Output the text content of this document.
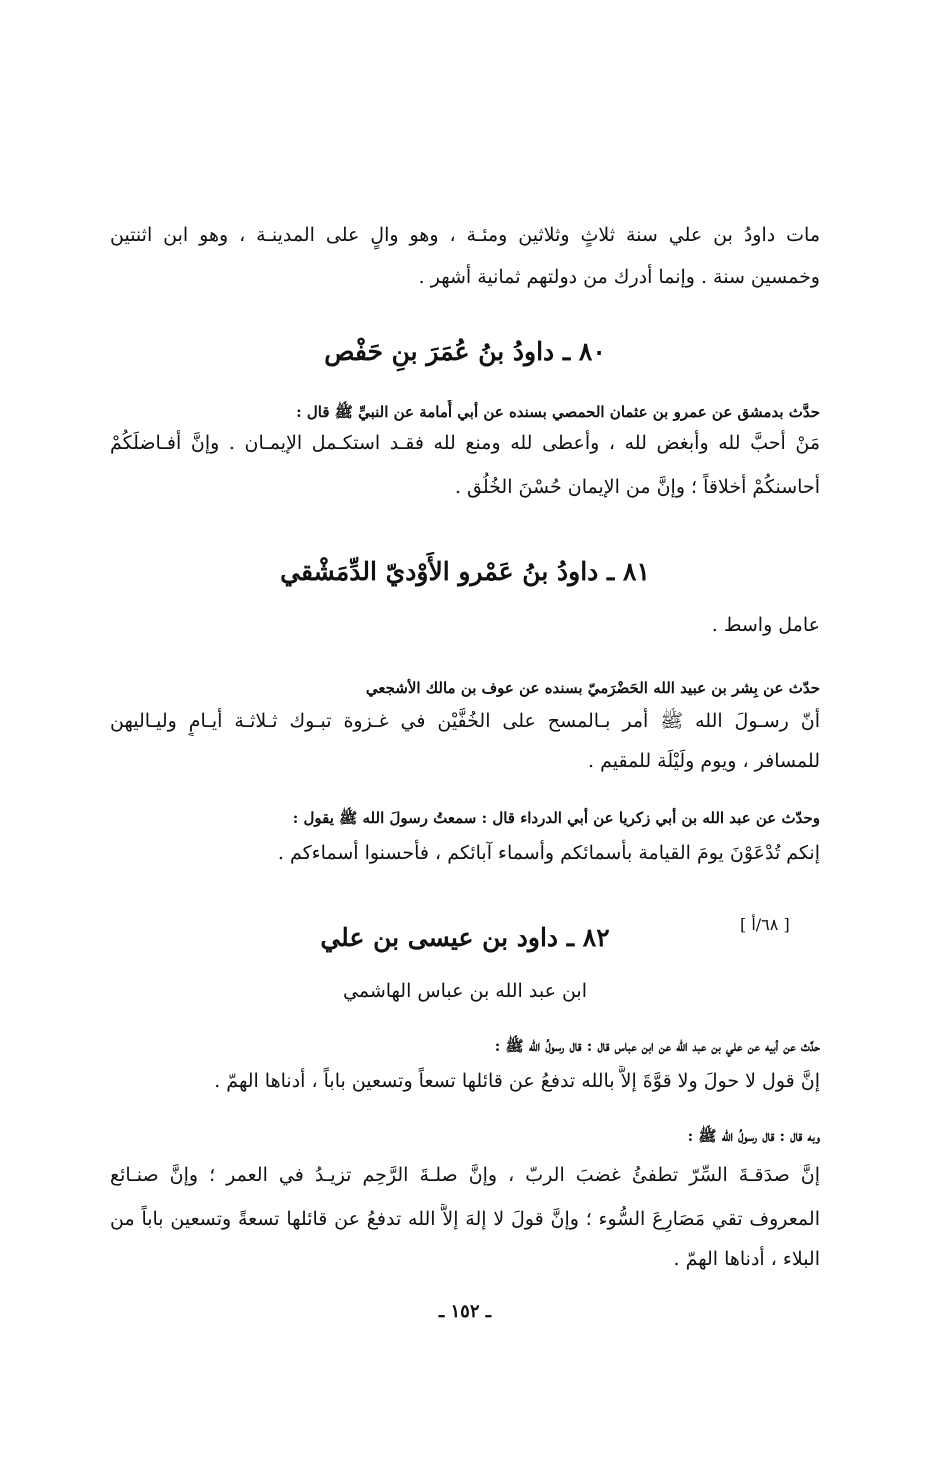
مات داودُ بن علي سنة ثلاثٍ وثلاثين ومئـة ، وهو والٍ على المدينـة ، وهو ابن اثنتين
وخمسين سنة . وإنما أدرك من دولتهم ثمانية أشهر .
٨٠ ـ داودُ بنُ عُمَرَ بنِ حَفْص
حدَّث بدمشق عن عمرو بن عثمان الحمصي بسنده عن أبي أُمامة عن النبيِّ ﷺ قال :
مَنْ أحبَّ لله وأبغض لله ، وأعطى لله ومنع لله فقـد استكـمل الإيمـان . وإنَّ أفـاضلَكُمْ
أحاسنكُمْ أخلاقاً ؛ وإنَّ من الإيمان حُسْنَ الخُلُق .
٨١ ـ داودُ بنُ عَمْرو الأَوْديّ الدِّمَشْقي
عامل واسط .
حدّث عن بِشر بن عبيد الله الحَضْرَميّ بسنده عن عوف بن مالك الأشجعي
أنّ رسـولَ الله ﷺ أمر بـالمسح على الخُفَّيْن في غـزوة تبـوك ثـلاثـة أيـامٍ وليـاليهن
للمسافر ، ويوم ولَيْلَة للمقيم .
وحدّث عن عبد الله بن أبي زكريا عن أبي الدرداء قال : سمعتُ رسولَ الله ﷺ يقول :
إنكم تُدْعَوْنَ يومَ القيامة بأسمائكم وأسماء آبائكم ، فأحسنوا أسماءكم .
[ ٦٨/أ ]
٨٢ ـ داود بن عيسى بن علي
ابن عبد الله بن عباس الهاشمي
حدَّث عن أبيه عن علي بن عبد الله عن ابن عباس قال : قال رسولُ الله ﷺ :
إنَّ قول لا حولَ ولا قوَّةَ إلاَّ بالله تدفعُ عن قائلها تسعاً وتسعين باباً ، أدناها الهمّ .
وبه قال : قال رسولُ الله ﷺ :
إنَّ صدَقـةَ السِّرّ تطفئُ غضبَ الربّ ، وإنَّ صلـةَ الرَّحِم تزيـدُ في العمر ؛ وإنَّ صنـائع
المعروف تقي مَصَارِعَ السُّوء ؛ وإنَّ قولَ لا إلهَ إلاَّ الله تدفعُ عن قائلها تسعةً وتسعين باباً من
البلاء ، أدناها الهمّ .
ـ ١٥٢ ـ
